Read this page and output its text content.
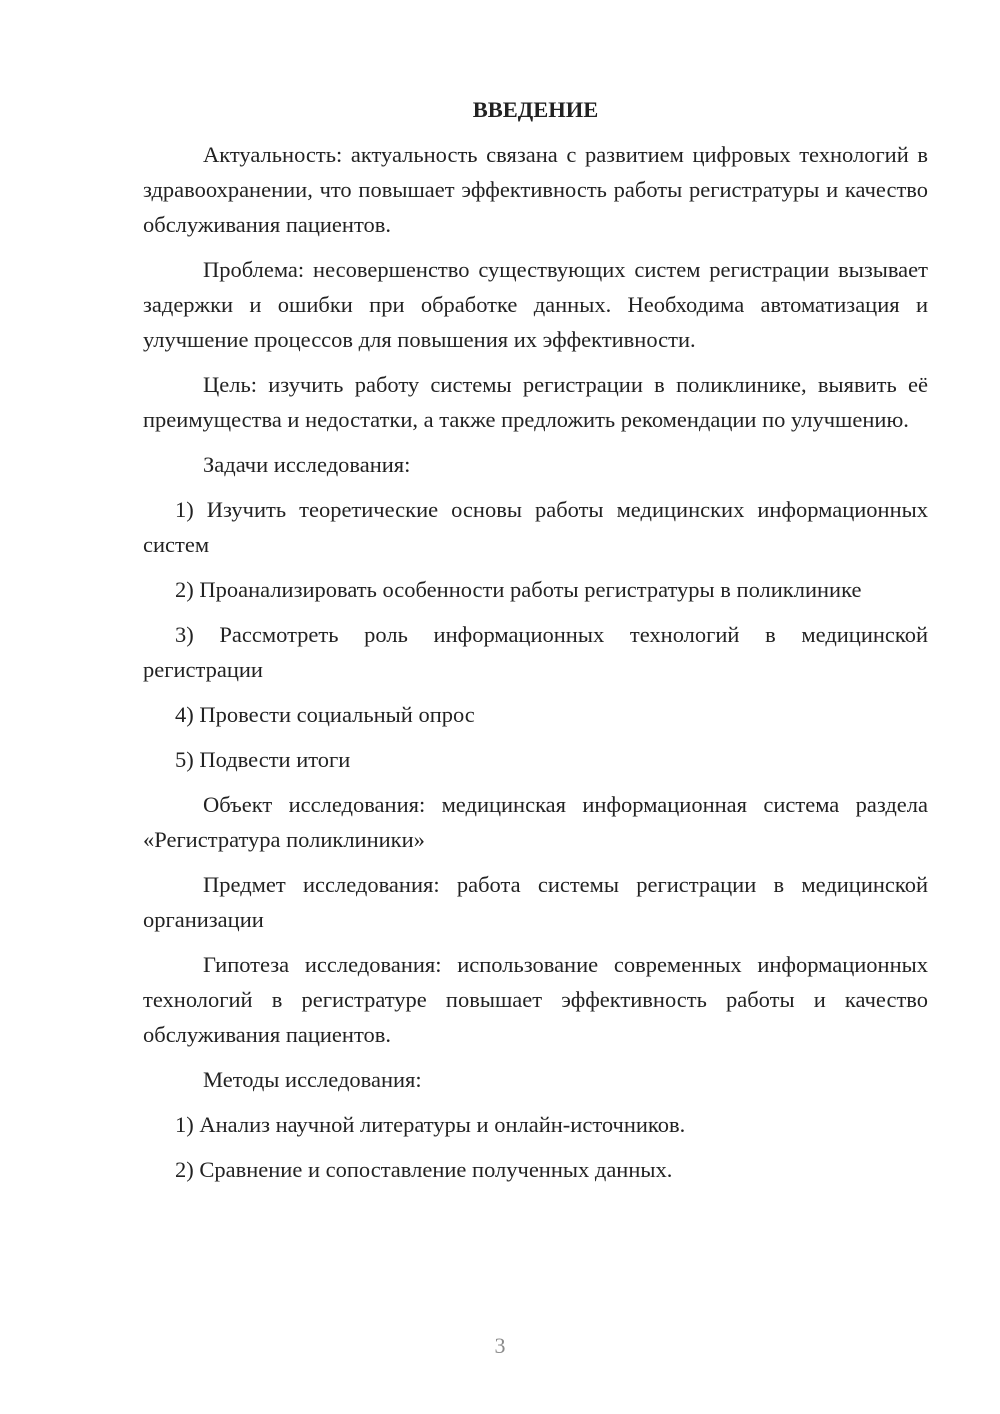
ВВЕДЕНИЕ

Актуальность: актуальность связана с развитием цифровых технологий в здравоохранении, что повышает эффективность работы регистратуры и качество обслуживания пациентов.

Проблема: несовершенство существующих систем регистрации вызывает задержки и ошибки при обработке данных. Необходима автоматизация и улучшение процессов для повышения их эффективности.

Цель: изучить работу системы регистрации в поликлинике, выявить её преимущества и недостатки, а также предложить рекомендации по улучшению.

Задачи исследования:

1) Изучить теоретические основы работы медицинских информационных систем

2) Проанализировать особенности работы регистратуры в поликлинике

3) Рассмотреть роль информационных технологий в медицинской регистрации

4) Провести социальный опрос

5) Подвести итоги

Объект исследования: медицинская информационная система раздела «Регистратура поликлиники»

Предмет исследования: работа системы регистрации в медицинской организации

Гипотеза исследования: использование современных информационных технологий в регистратуре повышает эффективность работы и качество обслуживания пациентов.

Методы исследования:

1) Анализ научной литературы и онлайн-источников.

2) Сравнение и сопоставление полученных данных.

3
